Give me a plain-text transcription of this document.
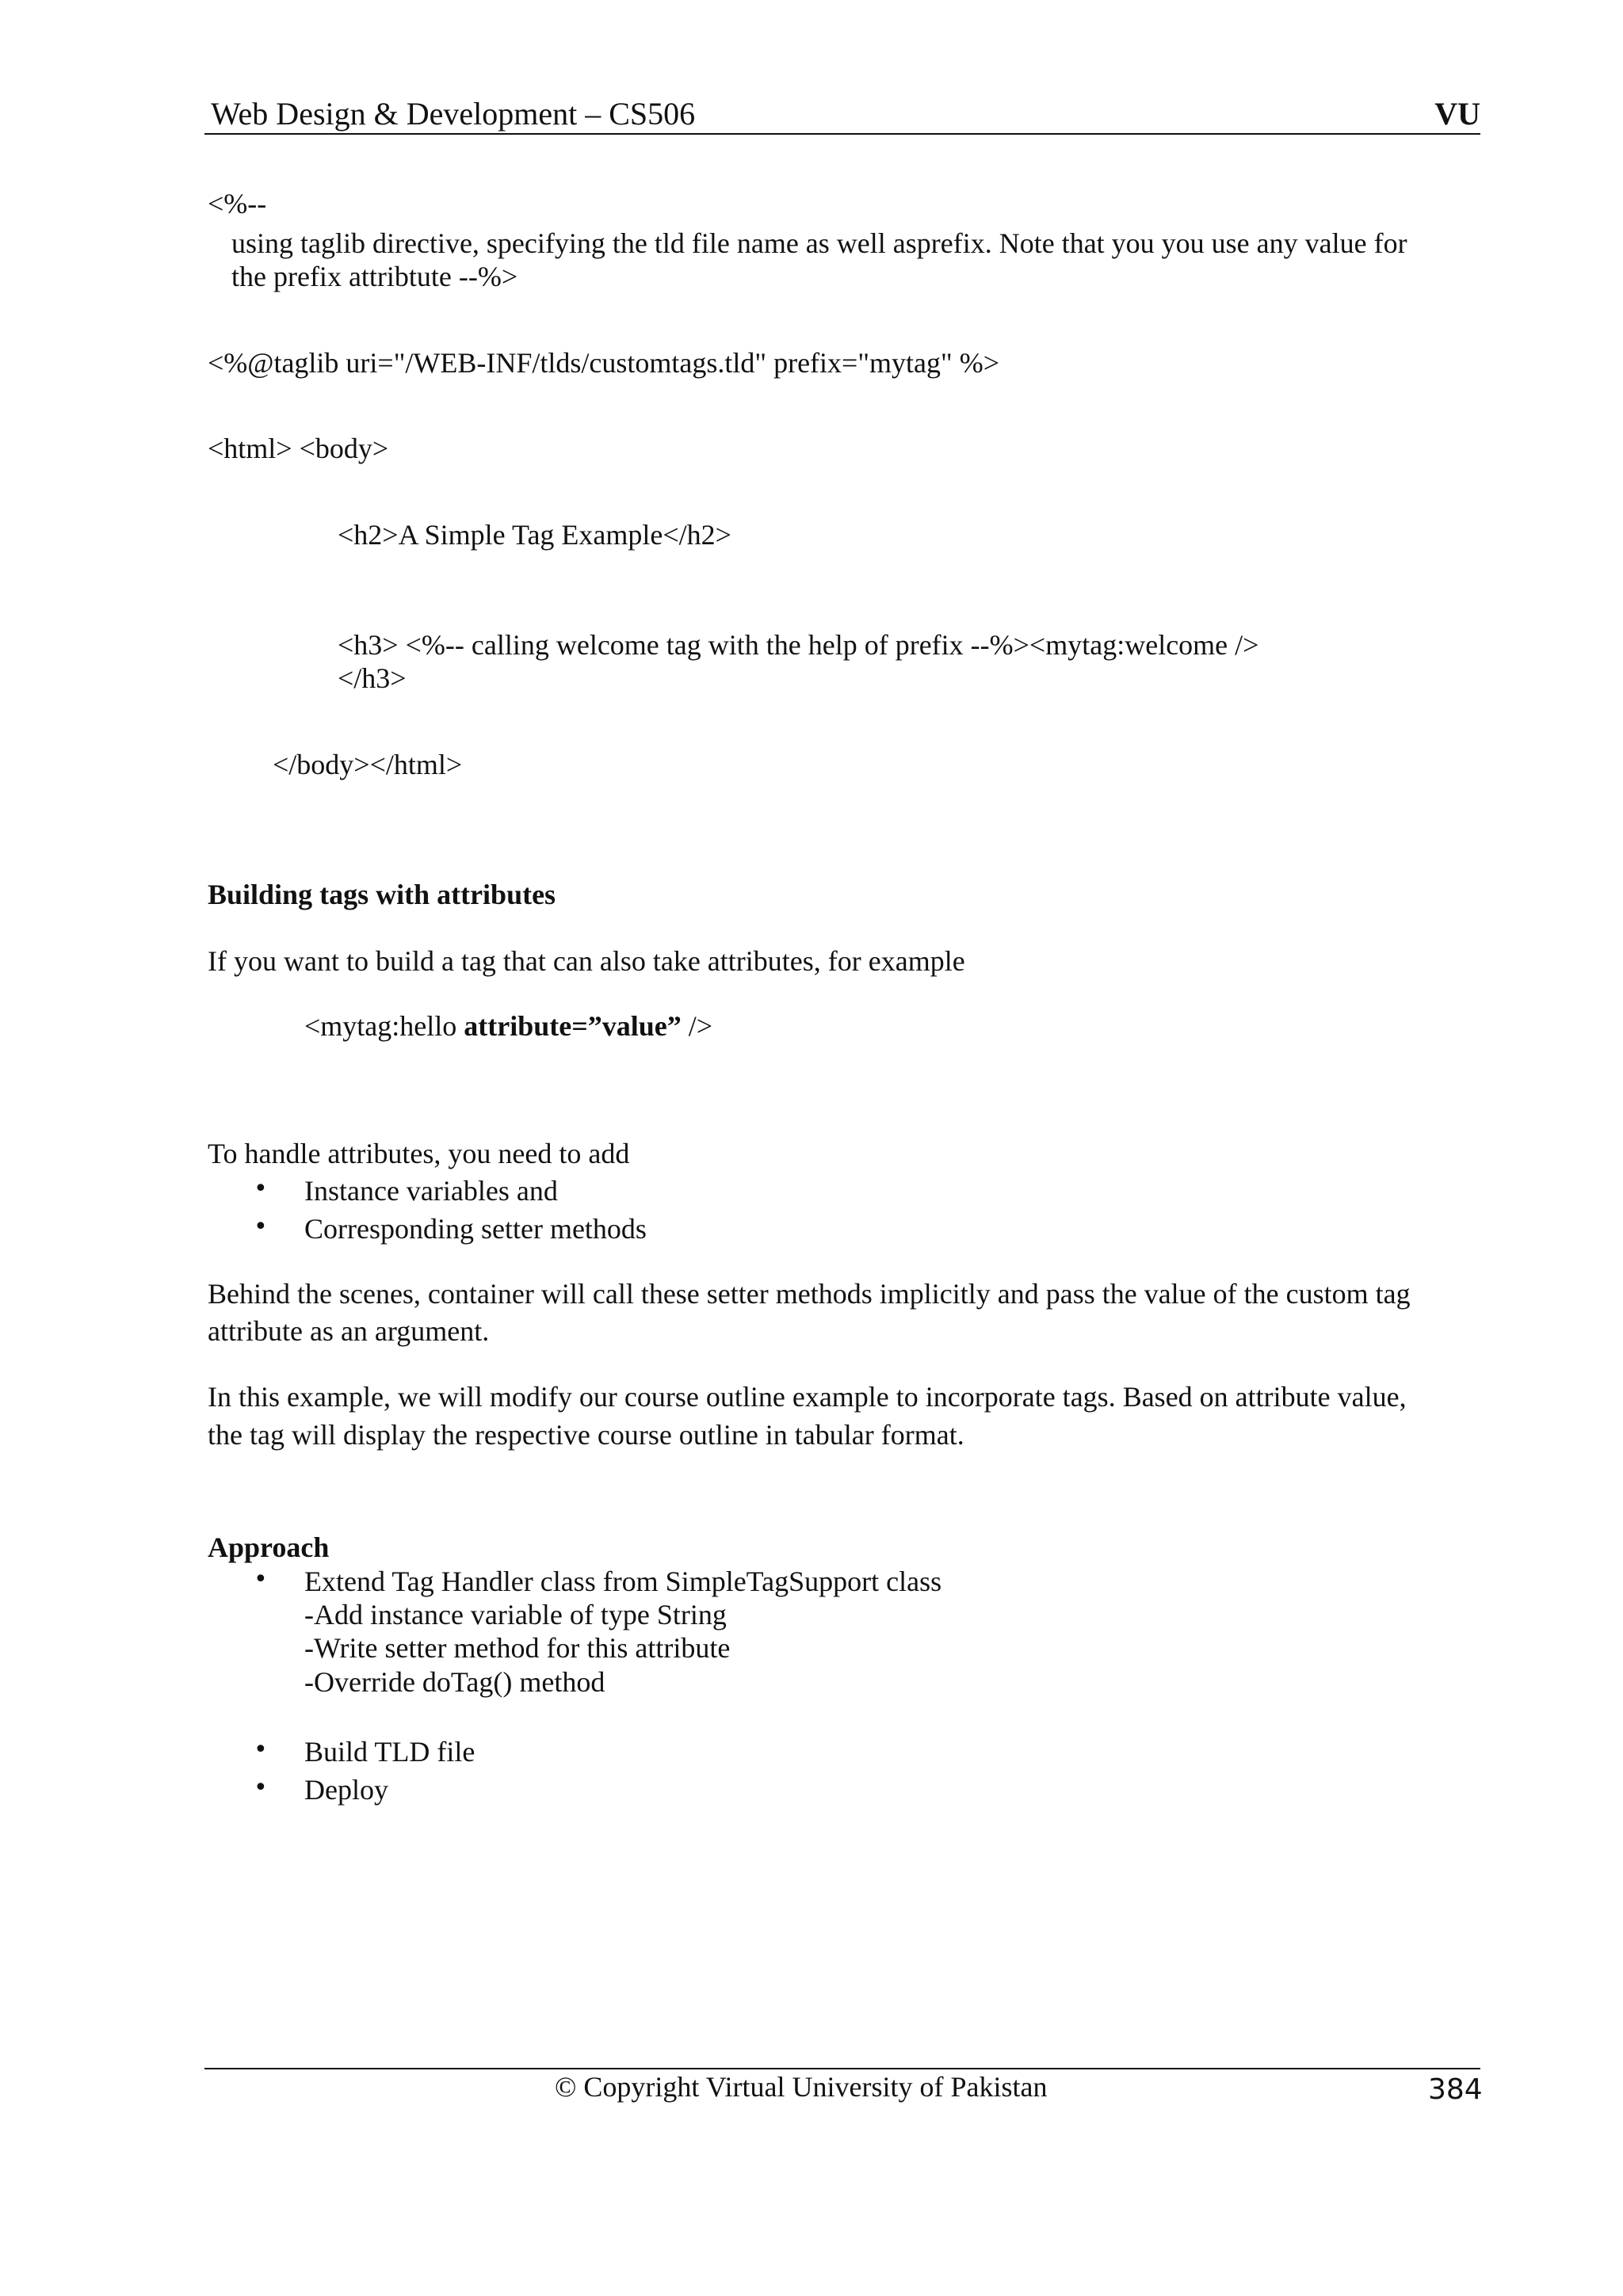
Web Design & Development – CS506	VU
<%--
using taglib directive, specifying the tld file name as well asprefix. Note that you you use any value for
the prefix attribtute --%>
<%@taglib uri="/WEB-INF/tlds/customtags.tld" prefix="mytag" %>
<html> <body>
<h2>A Simple Tag Example</h2>
<h3> <%-- calling welcome tag with the help of prefix --%><mytag:welcome />
</h3>
</body></html>
Building tags with attributes
If you want to build a tag that can also take attributes, for example
<mytag:hello attribute=”value” />
To handle attributes, you need to add
• Instance variables and
• Corresponding setter methods
Behind the scenes, container will call these setter methods implicitly and pass the value of the custom tag
attribute as an argument.
In this example, we will modify our course outline example to incorporate tags. Based on attribute value,
the tag will display the respective course outline in tabular format.
Approach
• Extend Tag Handler class from SimpleTagSupport class
-Add instance variable of type String
-Write setter method for this attribute
-Override doTag() method
• Build TLD file
• Deploy
© Copyright Virtual University of Pakistan	384
